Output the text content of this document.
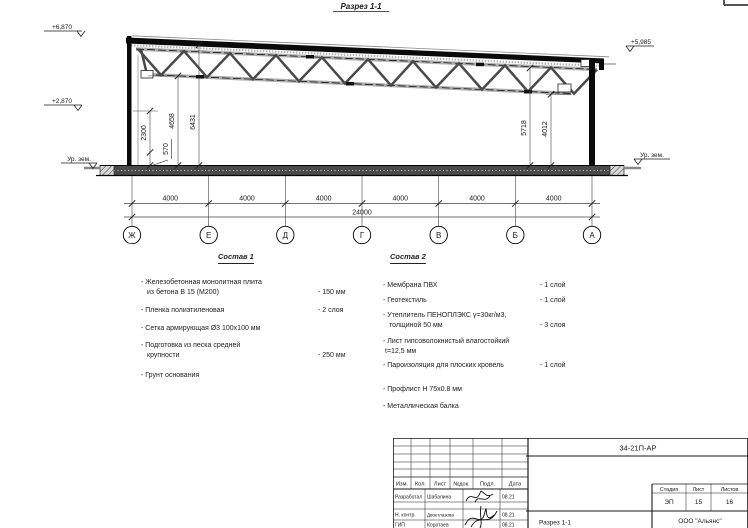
Разрез 1-1
+6,870
+2,870
+5,985
Ур. зем.
Ур. зем.
2300
570
4658 6431	5718 4012
4000	4000	4000	4000	4000	4000
24000
Ж	Е	Д	Г	В	Б	А
Состав 1
- Железобетонная монолитная плита
из бетона В 15 (М200)	- 150 мм
- Пленка полиэтиленовая	- 2 слоя
- Сетка армирующая Ø3 100х100 мм
- Подготовка из песка средней
крупности	- 250 мм
- Грунт основания
Состав 2
- Мембрана ПВХ	- 1 слой
- Геотекстиль	- 1 слой
- Утеплитель ПЕНОПЛЭКС γ=30кг/м3,
толщиной 50 мм	- 3 слоя
- Лист гипсоволокнистый влагостойкий
t=12,5 мм
- Пароизоляция для плоских кровель	- 1 слой
- Профлист Н 75х0.8 мм
- Металлическая балка
Изм. Кол. Лист №док. Подл. Дата
Разработал Шабалина	08.21
Н. контр. Двоеглазова	08.21
ГИП	Коротаев	08.21
34-21П-АР
Стадия	Лист	Листов
ЭП	15	16
Разрез 1-1	ООО "Альянс"
